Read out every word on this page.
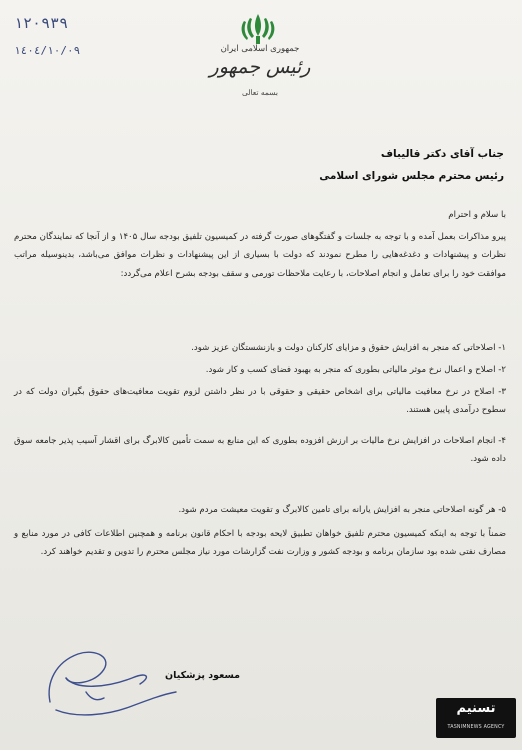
١٢٠٩٣٩
١٤٠٤/١٠/٠٩	جمهوری اسلامی ایران
رئیس جمهور
بسمه تعالی
جناب آقای دکتر قالیباف
رئیس محترم مجلس شورای اسلامی
با سلام و احترام
پیرو مذاکرات بعمل آمده و با توجه به جلسات و گفتگوهای صورت گرفته در کمیسیون تلفیق بودجه سال ۱۴۰۵ و از آنجا که نمایندگان محترم نظرات و پیشنهادات و دغدغه‌هایی را مطرح نمودند که دولت با بسیاری از این پیشنهادات و نظرات موافق می‌باشد، بدینوسیله مراتب موافقت خود را برای تعامل و انجام اصلاحات، با رعایت ملاحظات تورمی و سقف بودجه بشرح اعلام می‌گردد:
۱- اصلاحاتی که منجر به افزایش حقوق و مزایای کارکنان دولت و بازنشستگان عزیز شود.
۲- اصلاح و اعمال نرخ موثر مالیاتی بطوری که منجر به بهبود فضای کسب و کار شود.
۳- اصلاح در نرخ معافیت مالیاتی برای اشخاص حقیقی و حقوقی با در نظر داشتن لزوم تقویت معافیت‌های حقوق بگیران دولت که در سطوح درآمدی پایین هستند.
۴- انجام اصلاحات در افزایش نرخ مالیات بر ارزش افزوده بطوری که این منابع به سمت تأمین کالابرگ برای اقشار آسیب پذیر جامعه سوق داده شود.
۵- هر گونه اصلاحاتی منجر به افزایش یارانه برای تامین کالابرگ و تقویت معیشت مردم شود.
ضمناً با توجه به اینکه کمیسیون محترم تلفیق خواهان تطبیق لایحه بودجه با احکام قانون برنامه و همچنین اطلاعات کافی در مورد منابع و مصارف نفتی شده بود سازمان برنامه و بودجه کشور و وزارت نفت گزارشات مورد نیاز مجلس محترم را تدوین و تقدیم خواهند کرد.
مسعود پزشکیان
تسنیم
TASNIMNEWS AGENCY
